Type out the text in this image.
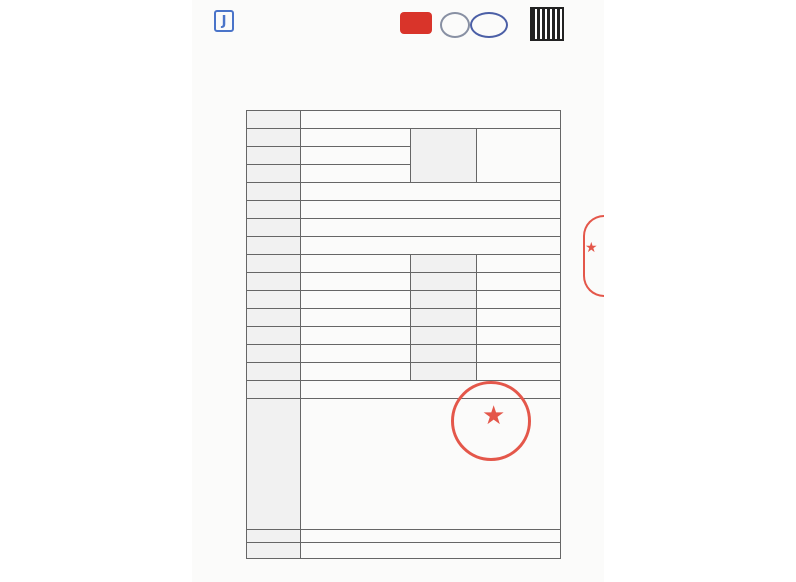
J

★
★
